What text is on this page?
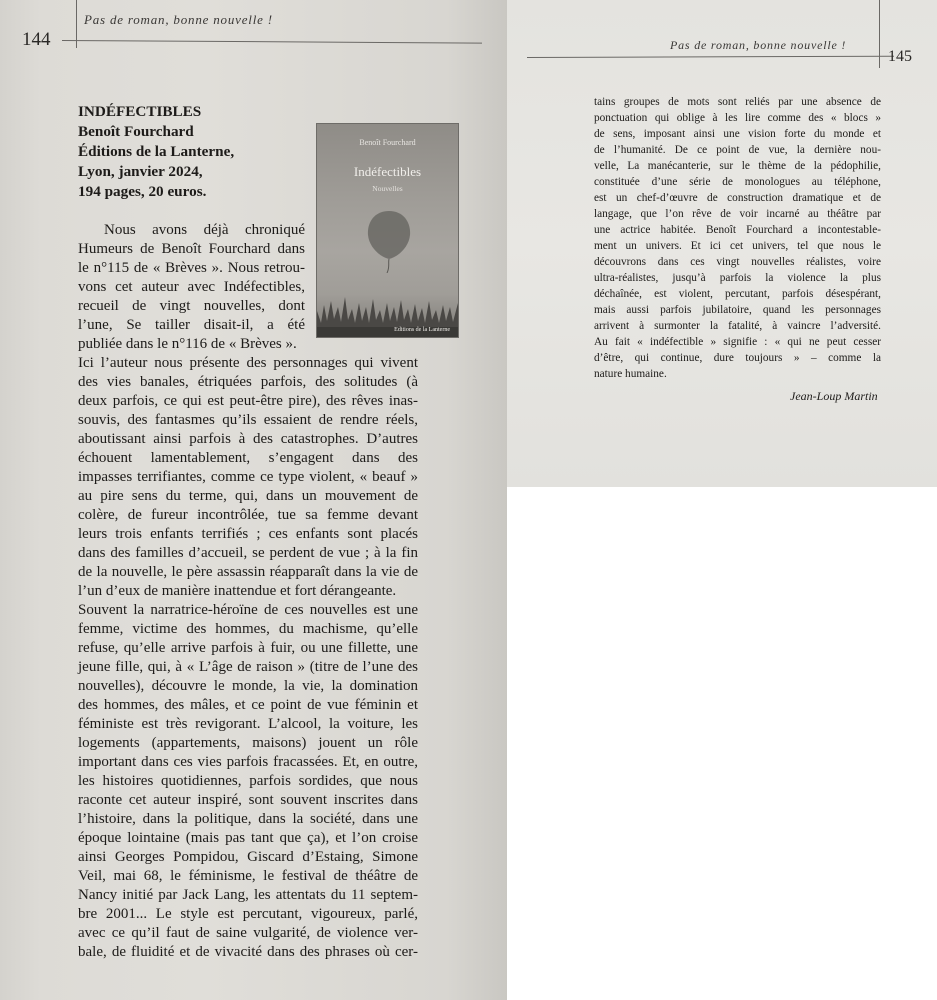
144
Pas de roman, bonne nouvelle !
INDÉFECTIBLES
Benoît Fourchard
Éditions de la Lanterne,
Lyon, janvier 2024,
194 pages, 20 euros.
Benoît Fourchard
Indéfectibles
Nouvelles
Editions de la Lanterne
Nous avons déjà chroniqué
Humeurs de Benoît Fourchard dans
le n°115 de « Brèves ». Nous retrou-
vons cet auteur avec Indéfectibles,
recueil de vingt nouvelles, dont
l’une, Se tailler disait-il, a été
publiée dans le n°116 de « Brèves ».
Ici l’auteur nous présente des personnages qui vivent
des vies banales, étriquées parfois, des solitudes (à
deux parfois, ce qui est peut-être pire), des rêves inas-
souvis, des fantasmes qu’ils essaient de rendre réels,
aboutissant ainsi parfois à des catastrophes. D’autres
échouent lamentablement, s’engagent dans des
impasses terrifiantes, comme ce type violent, « beauf »
au pire sens du terme, qui, dans un mouvement de
colère, de fureur incontrôlée, tue sa femme devant
leurs trois enfants terrifiés ; ces enfants sont placés
dans des familles d’accueil, se perdent de vue ; à la fin
de la nouvelle, le père assassin réapparaît dans la vie de
l’un d’eux de manière inattendue et fort dérangeante.
Souvent la narratrice-héroïne de ces nouvelles est une
femme, victime des hommes, du machisme, qu’elle
refuse, qu’elle arrive parfois à fuir, ou une fillette, une
jeune fille, qui, à « L’âge de raison » (titre de l’une des
nouvelles), découvre le monde, la vie, la domination
des hommes, des mâles, et ce point de vue féminin et
féministe est très revigorant. L’alcool, la voiture, les
logements (appartements, maisons) jouent un rôle
important dans ces vies parfois fracassées. Et, en outre,
les histoires quotidiennes, parfois sordides, que nous
raconte cet auteur inspiré, sont souvent inscrites dans
l’histoire, dans la politique, dans la société, dans une
époque lointaine (mais pas tant que ça), et l’on croise
ainsi Georges Pompidou, Giscard d’Estaing, Simone
Veil, mai 68, le féminisme, le festival de théâtre de
Nancy initié par Jack Lang, les attentats du 11 septem-
bre 2001... Le style est percutant, vigoureux, parlé,
avec ce qu’il faut de saine vulgarité, de violence ver-
bale, de fluidité et de vivacité dans des phrases où cer-
Pas de roman, bonne nouvelle !
145
tains groupes de mots sont reliés par une absence de
ponctuation qui oblige à les lire comme des « blocs »
de sens, imposant ainsi une vision forte du monde et
de l’humanité. De ce point de vue, la dernière nou-
velle, La manécanterie, sur le thème de la pédophilie,
constituée d’une série de monologues au téléphone,
est un chef-d’œuvre de construction dramatique et de
langage, que l’on rêve de voir incarné au théâtre par
une actrice habitée. Benoît Fourchard a incontestable-
ment un univers. Et ici cet univers, tel que nous le
découvrons dans ces vingt nouvelles réalistes, voire
ultra-réalistes, jusqu’à parfois la violence la plus
déchaînée, est violent, percutant, parfois désespérant,
mais aussi parfois jubilatoire, quand les personnages
arrivent à surmonter la fatalité, à vaincre l’adversité.
Au fait « indéfectible » signifie : « qui ne peut cesser
d’être, qui continue, dure toujours » – comme la
nature humaine.
Jean-Loup Martin
